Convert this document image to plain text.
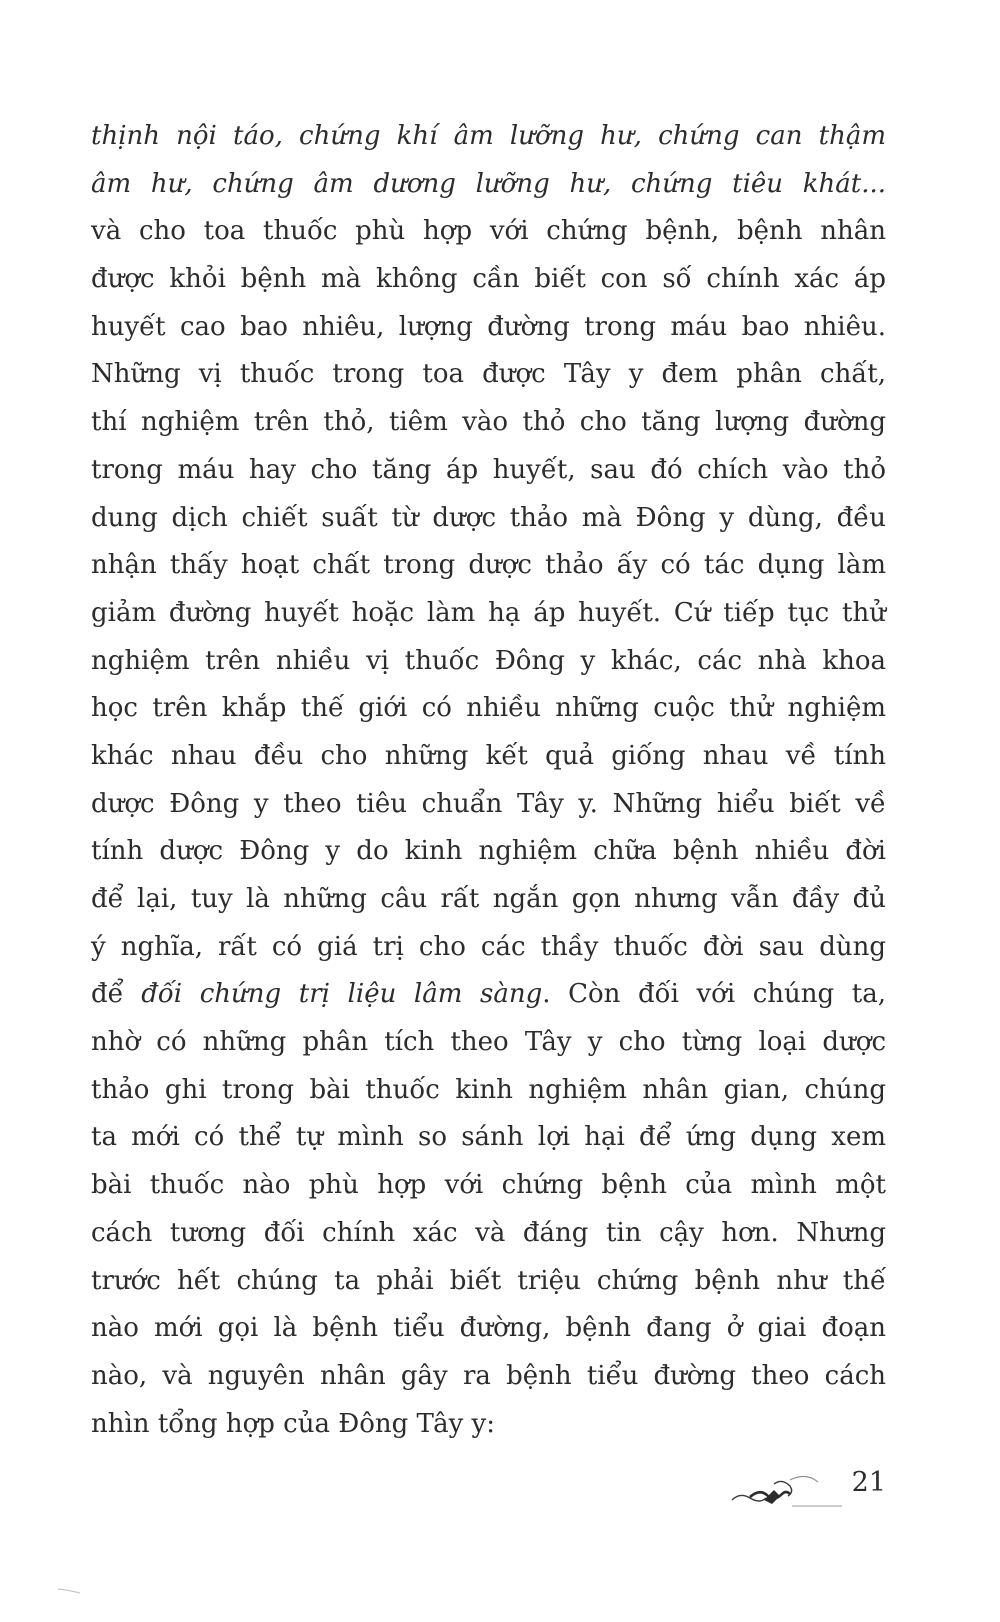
thịnh nội táo, chứng khí âm lưỡng hư, chứng can thậm
âm hư, chứng âm dương lưỡng hư, chứng tiêu khát...
và cho toa thuốc phù hợp với chứng bệnh, bệnh nhân
được khỏi bệnh mà không cần biết con số chính xác áp
huyết cao bao nhiêu, lượng đường trong máu bao nhiêu.
Những vị thuốc trong toa được Tây y đem phân chất,
thí nghiệm trên thỏ, tiêm vào thỏ cho tăng lượng đường
trong máu hay cho tăng áp huyết, sau đó chích vào thỏ
dung dịch chiết suất từ dược thảo mà Đông y dùng, đều
nhận thấy hoạt chất trong dược thảo ấy có tác dụng làm
giảm đường huyết hoặc làm hạ áp huyết. Cứ tiếp tục thử
nghiệm trên nhiều vị thuốc Đông y khác, các nhà khoa
học trên khắp thế giới có nhiều những cuộc thử nghiệm
khác nhau đều cho những kết quả giống nhau về tính
dược Đông y theo tiêu chuẩn Tây y. Những hiểu biết về
tính dược Đông y do kinh nghiệm chữa bệnh nhiều đời
để lại, tuy là những câu rất ngắn gọn nhưng vẫn đầy đủ
ý nghĩa, rất có giá trị cho các thầy thuốc đời sau dùng
để đối chứng trị liệu lâm sàng. Còn đối với chúng ta,
nhờ có những phân tích theo Tây y cho từng loại dược
thảo ghi trong bài thuốc kinh nghiệm nhân gian, chúng
ta mới có thể tự mình so sánh lợi hại để ứng dụng xem
bài thuốc nào phù hợp với chứng bệnh của mình một
cách tương đối chính xác và đáng tin cậy hơn. Nhưng
trước hết chúng ta phải biết triệu chứng bệnh như thế
nào mới gọi là bệnh tiểu đường, bệnh đang ở giai đoạn
nào, và nguyên nhân gây ra bệnh tiểu đường theo cách
nhìn tổng hợp của Đông Tây y:
21
